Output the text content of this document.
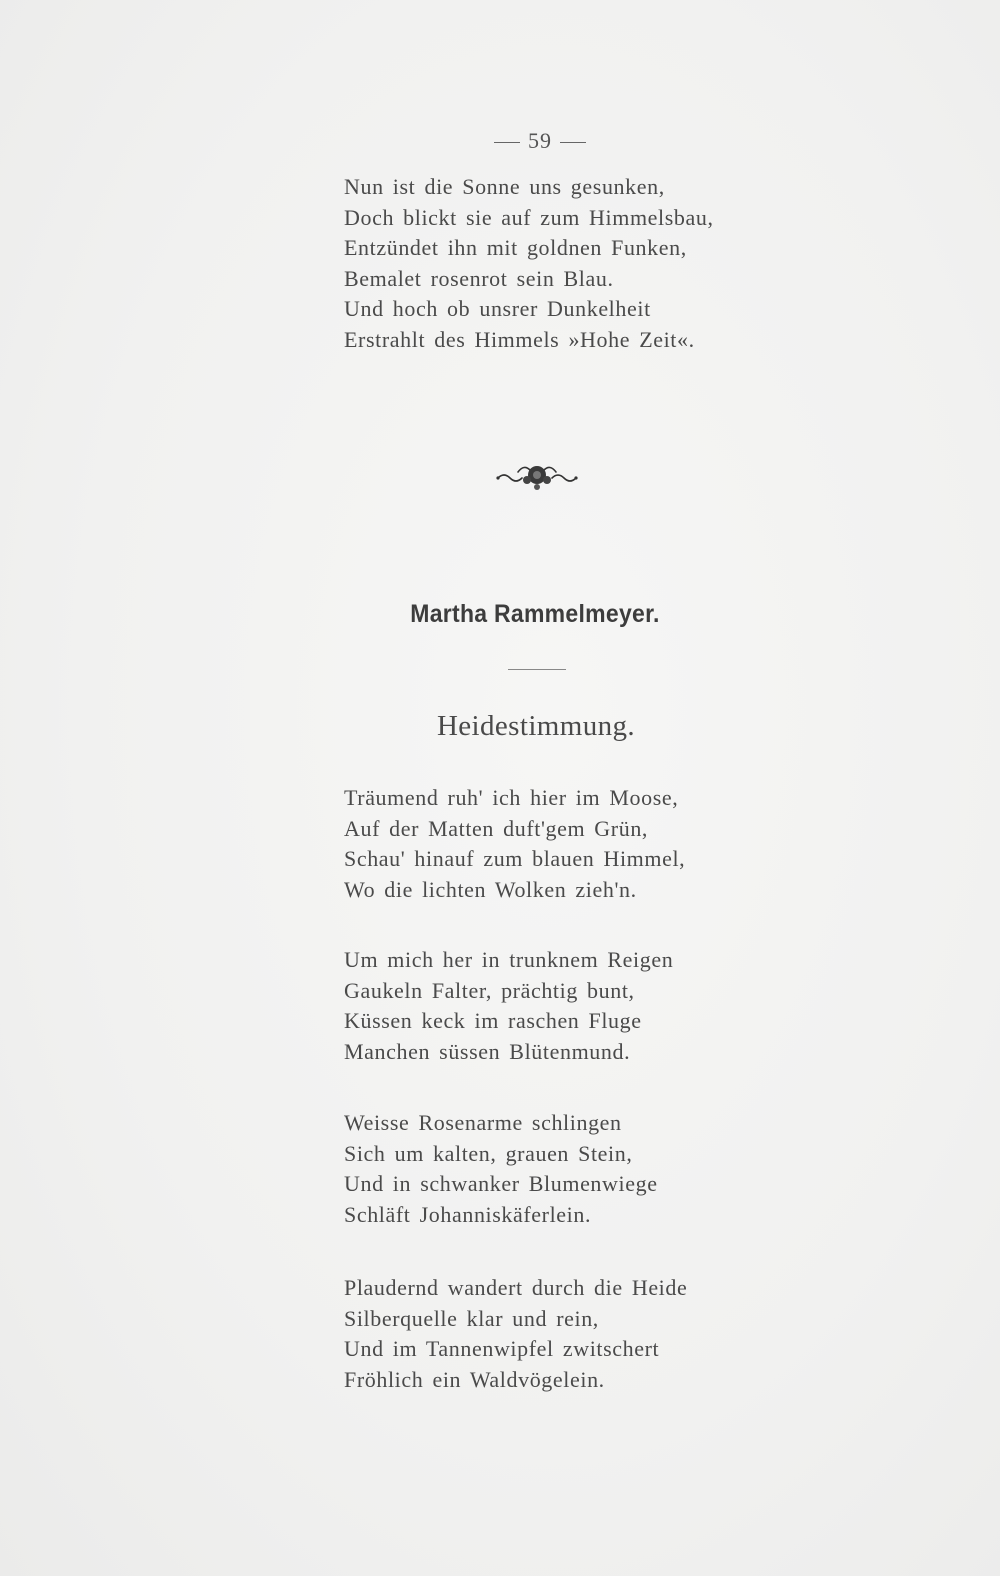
59
Nun ist die Sonne uns gesunken,
Doch blickt sie auf zum Himmelsbau,
Entzündet ihn mit goldnen Funken,
Bemalet rosenrot sein Blau.
Und hoch ob unsrer Dunkelheit
Erstrahlt des Himmels »Hohe Zeit«.
Martha Rammelmeyer.
Heidestimmung.
Träumend ruh' ich hier im Moose,
Auf der Matten duft'gem Grün,
Schau' hinauf zum blauen Himmel,
Wo die lichten Wolken zieh'n.
Um mich her in trunknem Reigen
Gaukeln Falter, prächtig bunt,
Küssen keck im raschen Fluge
Manchen süssen Blütenmund.
Weisse Rosenarme schlingen
Sich um kalten, grauen Stein,
Und in schwanker Blumenwiege
Schläft Johanniskäferlein.
Plaudernd wandert durch die Heide
Silberquelle klar und rein,
Und im Tannenwipfel zwitschert
Fröhlich ein Waldvögelein.
